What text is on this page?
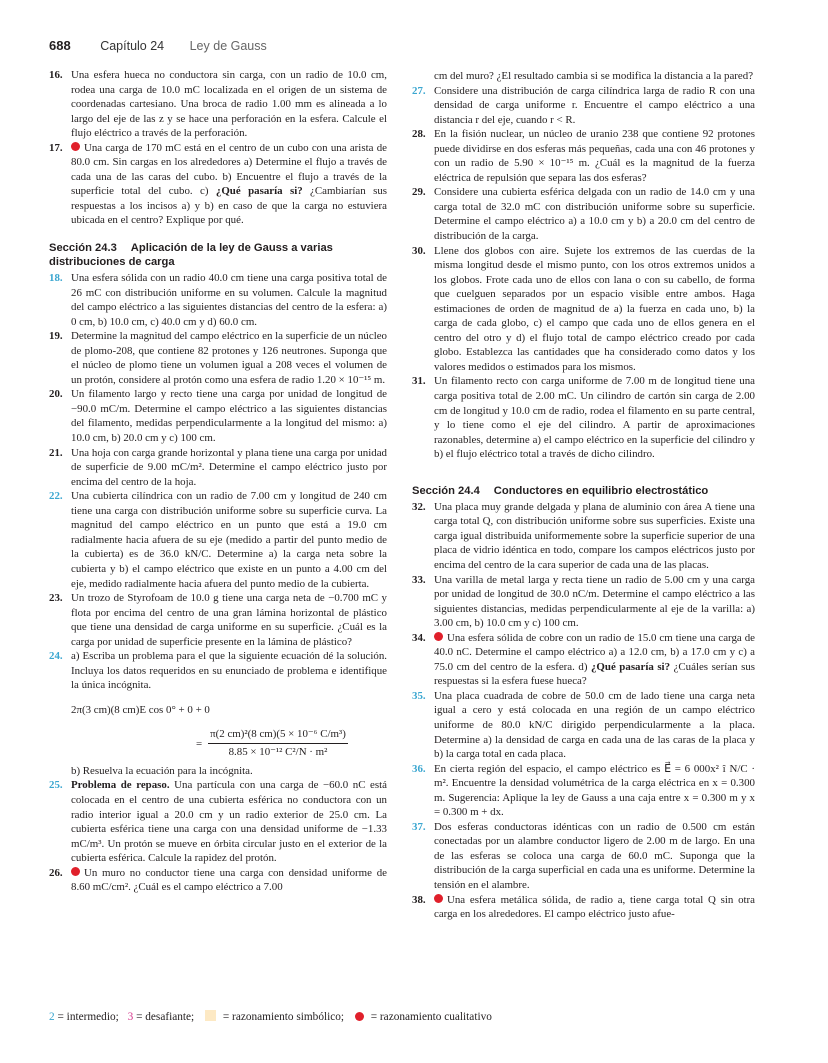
688 Capítulo 24 Ley de Gauss

16. Una esfera hueca no conductora sin carga, con un radio de 10.0 cm, rodea una carga de 10.0 mC localizada en el origen de un sistema de coordenadas cartesiano. Una broca de radio 1.00 mm es alineada a lo largo del eje de las z y se hace una perforación en la esfera. Calcule el flujo eléctrico a través de la perforación.

17. Una carga de 170 mC está en el centro de un cubo con una arista de 80.0 cm. Sin cargas en los alrededores a) Determine el flujo a través de cada una de las caras del cubo. b) Encuentre el flujo a través de la superficie total del cubo. c) ¿Qué pasaría si? ¿Cambiarían sus respuestas a los incisos a) y b) en caso de que la carga no estuviera ubicada en el centro? Explique por qué.

Sección 24.3 Aplicación de la ley de Gauss a varias distribuciones de carga

18. Una esfera sólida con un radio 40.0 cm tiene una carga positiva total de 26 mC con distribución uniforme en su volumen. Calcule la magnitud del campo eléctrico a las siguientes distancias del centro de la esfera: a) 0 cm, b) 10.0 cm, c) 40.0 cm y d) 60.0 cm.

19. Determine la magnitud del campo eléctrico en la superficie de un núcleo de plomo-208, que contiene 82 protones y 126 neutrones. Suponga que el núcleo de plomo tiene un volumen igual a 208 veces el volumen de un protón, considere al protón como una esfera de radio 1.20 × 10⁻¹⁵ m.

20. Un filamento largo y recto tiene una carga por unidad de longitud de −90.0 mC/m. Determine el campo eléctrico a las siguientes distancias del filamento, medidas perpendicularmente a la longitud del mismo: a) 10.0 cm, b) 20.0 cm y c) 100 cm.

21. Una hoja con carga grande horizontal y plana tiene una carga por unidad de superficie de 9.00 mC/m². Determine el campo eléctrico justo por encima del centro de la hoja.

22. Una cubierta cilíndrica con un radio de 7.00 cm y longitud de 240 cm tiene una carga con distribución uniforme sobre su superficie curva. La magnitud del campo eléctrico en un punto que está a 19.0 cm radialmente hacia afuera de su eje (medido a partir del punto medio de la cubierta) es de 36.0 kN/C. Determine a) la carga neta sobre la cubierta y b) el campo eléctrico que existe en un punto a 4.00 cm del eje, medido radialmente hacia afuera del punto medio de la cubierta.

23. Un trozo de Styrofoam de 10.0 g tiene una carga neta de −0.700 mC y flota por encima del centro de una gran lámina horizontal de plástico que tiene una densidad de carga uniforme en su superficie. ¿Cuál es la carga por unidad de superficie presente en la lámina de plástico?

24. a) Escriba un problema para el que la siguiente ecuación dé la solución. Incluya los datos requeridos en su enunciado de problema e identifique la única incógnita.

2π(3 cm)(8 cm)E cos 0° + 0 + 0
= $\frac{\text{π(2 cm)²(8 cm)(5 × 10⁻⁶ C/m³)}}{\text{8.85 × 10⁻¹² C²/N · m²}}$

b) Resuelva la ecuación para la incógnita.

25. Problema de repaso. Una partícula con una carga de −60.0 nC está colocada en el centro de una cubierta esférica no conductora con un radio interior igual a 20.0 cm y un radio exterior de 25.0 cm. La cubierta esférica tiene una carga con una densidad uniforme de −1.33 mC/m³. Un protón se mueve en órbita circular justo en el exterior de la cubierta esférica. Calcule la rapidez del protón.

26. Un muro no conductor tiene una carga con densidad uniforme de 8.60 mC/cm². ¿Cuál es el campo eléctrico a 7.00

cm del muro? ¿El resultado cambia si se modifica la distancia a la pared?

27. Considere una distribución de carga cilíndrica larga de radio R con una densidad de carga uniforme r. Encuentre el campo eléctrico a una distancia r del eje, cuando r < R.

28. En la fisión nuclear, un núcleo de uranio 238 que contiene 92 protones puede dividirse en dos esferas más pequeñas, cada una con 46 protones y con un radio de 5.90 × 10⁻¹⁵ m. ¿Cuál es la magnitud de la fuerza eléctrica de repulsión que separa las dos esferas?

29. Considere una cubierta esférica delgada con un radio de 14.0 cm y una carga total de 32.0 mC con distribución uniforme sobre su superficie. Determine el campo eléctrico a) a 10.0 cm y b) a 20.0 cm del centro de distribución de la carga.

30. Llene dos globos con aire. Sujete los extremos de las cuerdas de la misma longitud desde el mismo punto, con los otros extremos unidos a los globos. Frote cada uno de ellos con lana o con su cabello, de forma que cuelguen separados por un espacio visible entre ambos. Haga estimaciones de orden de magnitud de a) la fuerza en cada uno, b) la carga de cada globo, c) el campo que cada uno de ellos genera en el centro del otro y d) el flujo total de campo eléctrico creado por cada globo. Establezca las cantidades que ha considerado como datos y los valores medidos o estimados para los mismos.

31. Un filamento recto con carga uniforme de 7.00 m de longitud tiene una carga positiva total de 2.00 mC. Un cilindro de cartón sin carga de 2.00 cm de longitud y 10.0 cm de radio, rodea el filamento en su parte central, y lo tiene como el eje del cilindro. A partir de aproximaciones razonables, determine a) el campo eléctrico en la superficie del cilindro y b) el flujo eléctrico total a través de dicho cilindro.

Sección 24.4 Conductores en equilibrio electrostático

32. Una placa muy grande delgada y plana de aluminio con área A tiene una carga total Q, con distribución uniforme sobre sus superficies. Existe una carga igual distribuida uniformemente sobre la superficie superior de una placa de vidrio idéntica en todo, compare los campos eléctricos justo por encima del centro de la cara superior de cada una de las placas.

33. Una varilla de metal larga y recta tiene un radio de 5.00 cm y una carga por unidad de longitud de 30.0 nC/m. Determine el campo eléctrico a las siguientes distancias, medidas perpendicularmente al eje de la varilla: a) 3.00 cm, b) 10.0 cm y c) 100 cm.

34. Una esfera sólida de cobre con un radio de 15.0 cm tiene una carga de 40.0 nC. Determine el campo eléctrico a) a 12.0 cm, b) a 17.0 cm y c) a 75.0 cm del centro de la esfera. d) ¿Qué pasaría si? ¿Cuáles serían sus respuestas si la esfera fuese hueca?

35. Una placa cuadrada de cobre de 50.0 cm de lado tiene una carga neta igual a cero y está colocada en una región de un campo eléctrico uniforme de 80.0 kN/C dirigido perpendicularmente a la placa. Determine a) la densidad de carga en cada una de las caras de la placa y b) la carga total en cada placa.

36. En cierta región del espacio, el campo eléctrico es E⃗ = 6 000x² î N/C · m². Encuentre la densidad volumétrica de la carga eléctrica en x = 0.300 m. Sugerencia: Aplique la ley de Gauss a una caja entre x = 0.300 m y x = 0.300 m + dx.

37. Dos esferas conductoras idénticas con un radio de 0.500 cm están conectadas por un alambre conductor ligero de 2.00 m de largo. En una de las esferas se coloca una carga de 60.0 mC. Suponga que la distribución de la carga superficial en cada una es uniforme. Determine la tensión en el alambre.

38. Una esfera metálica sólida, de radio a, tiene carga total Q sin otra carga en los alrededores. El campo eléctrico justo afue-

2 = intermedio; 3 = desafiante;	= razonamiento simbólico; = razonamiento cualitativo
